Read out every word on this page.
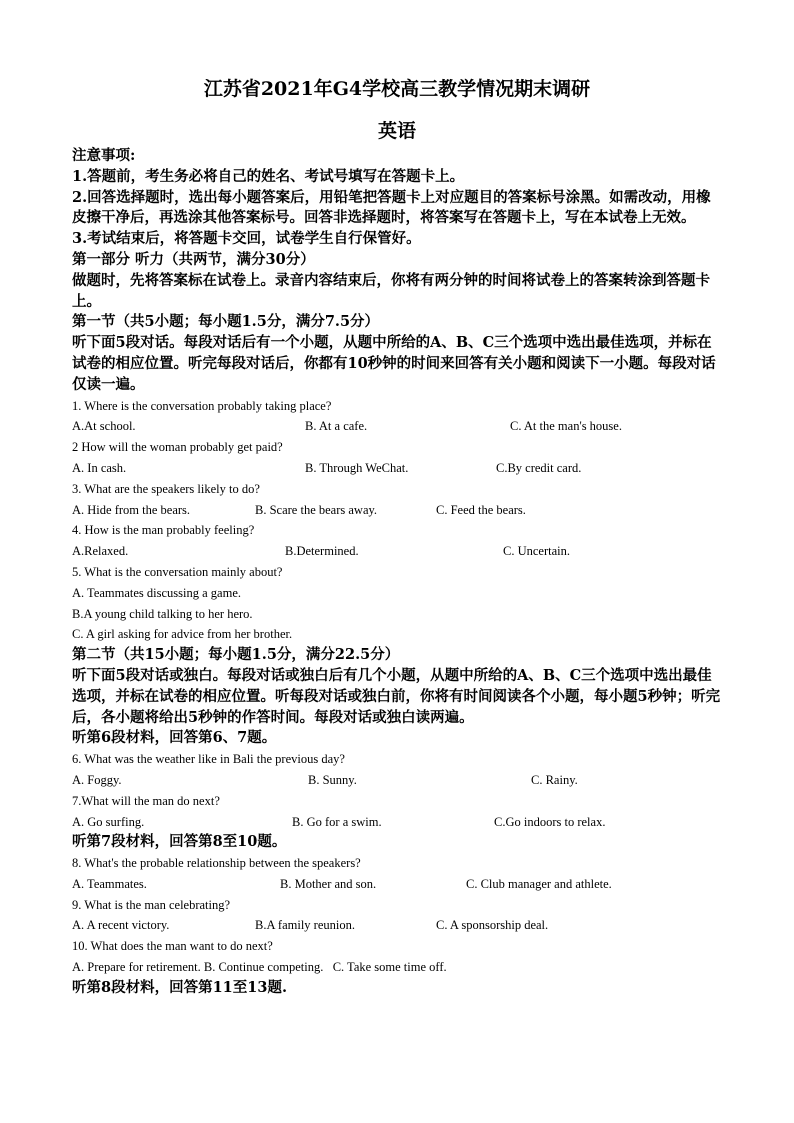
江苏省2021年G4学校高三教学情况期末调研
英语

注意事项:

1.答题前，考生务必将自己的姓名、考试号填写在答题卡上。

2.回答选择题时，选出每小题答案后，用铅笔把答题卡上对应题目的答案标号涂黑。如需改动，用橡皮擦干净后，再选涂其他答案标号。回答非选择题时，将答案写在答题卡上，写在本试卷上无效。

3.考试结束后，将答题卡交回，试卷学生自行保管好。

第一部分 听力（共两节，满分30分）

做题时，先将答案标在试卷上。录音内容结束后，你将有两分钟的时间将试卷上的答案转涂到答题卡上。

第一节（共5小题；每小题1.5分，满分7.5分）

听下面5段对话。每段对话后有一个小题，从题中所给的A、B、C三个选项中选出最佳选项，并标在试卷的相应位置。听完每段对话后，你都有10秒钟的时间来回答有关小题和阅读下一小题。每段对话仅读一遍。

1. Where is the conversation probably taking place?

A.At school.	B. At a cafe.	C. At the man's house.

2 How will the woman probably get paid?

A. In cash.	B. Through WeChat.	C.By credit card.

3. What are the speakers likely to do?

A. Hide from the bears.	B. Scare the bears away.	C. Feed the bears.

4. How is the man probably feeling?

A.Relaxed.	B.Determined.	C. Uncertain.

5. What is the conversation mainly about?

A. Teammates discussing a game.

B.A young child talking to her hero.

C. A girl asking for advice from her brother.

第二节（共15小题；每小题1.5分，满分22.5分）

听下面5段对话或独白。每段对话或独白后有几个小题，从题中所给的A、B、C三个选项中选出最佳选项，并标在试卷的相应位置。听每段对话或独白前，你将有时间阅读各个小题，每小题5秒钟；听完后，各小题将给出5秒钟的作答时间。每段对话或独白读两遍。

听第6段材料，回答第6、7题。

6. What was the weather like in Bali the previous day?

A. Foggy.	B. Sunny.	C. Rainy.

7.What will the man do next?

A. Go surfing.	B. Go for a swim.	C.Go indoors to relax.

听第7段材料，回答第8至10题。

8. What's the probable relationship between the speakers?

A. Teammates.	B. Mother and son.	C. Club manager and athlete.

9. What is the man celebrating?

A. A recent victory.	B.A family reunion.	C. A sponsorship deal.

10. What does the man want to do next?

A. Prepare for retirement. B. Continue competing.   C. Take some time off.

听第8段材料，回答第11至13题.
